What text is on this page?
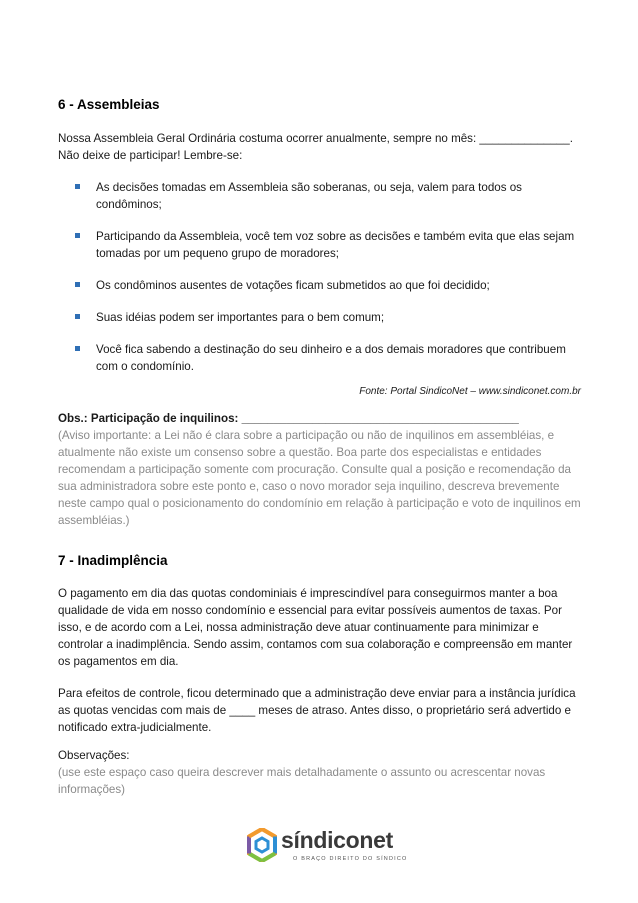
6 - Assembleias
Nossa Assembleia Geral Ordinária costuma ocorrer anualmente, sempre no mês: ______________.
Não deixe de participar! Lembre-se:
As decisões tomadas em Assembleia são soberanas, ou seja, valem para todos os condôminos;
Participando da Assembleia, você tem voz sobre as decisões e também evita que elas sejam tomadas por um pequeno grupo de moradores;
Os condôminos ausentes de votações ficam submetidos ao que foi decidido;
Suas idéias podem ser importantes para o bem comum;
Você fica sabendo a destinação do seu dinheiro e a dos demais moradores que contribuem com o condomínio.
Fonte: Portal SindicoNet – www.sindiconet.com.br
Obs.: Participação de inquilinos: ___________________________________________
(Aviso importante: a Lei não é clara sobre a participação ou não de inquilinos em assembléias, e atualmente não existe um consenso sobre a questão. Boa parte dos especialistas e entidades recomendam a participação somente com procuração. Consulte qual a posição e recomendação da sua administradora sobre este ponto e, caso o novo morador seja inquilino, descreva brevemente neste campo qual o posicionamento do condomínio em relação à participação e voto de inquilinos em assembléias.)
7 - Inadimplência
O pagamento em dia das quotas condominiais é imprescindível para conseguirmos manter a boa qualidade de vida em nosso condomínio e essencial para evitar possíveis aumentos de taxas. Por isso, e de acordo com a Lei, nossa administração deve atuar continuamente para minimizar e controlar a inadimplência. Sendo assim, contamos com sua colaboração e compreensão em manter os pagamentos em dia.
Para efeitos de controle, ficou determinado que a administração deve enviar para a instância jurídica as quotas vencidas com mais de ____ meses de atraso. Antes disso, o proprietário será advertido e notificado extra-judicialmente.
Observações:
(use este espaço caso queira descrever mais detalhadamente o assunto ou acrescentar novas informações)
síndiconet
O BRAÇO DIREITO DO SÍNDICO
